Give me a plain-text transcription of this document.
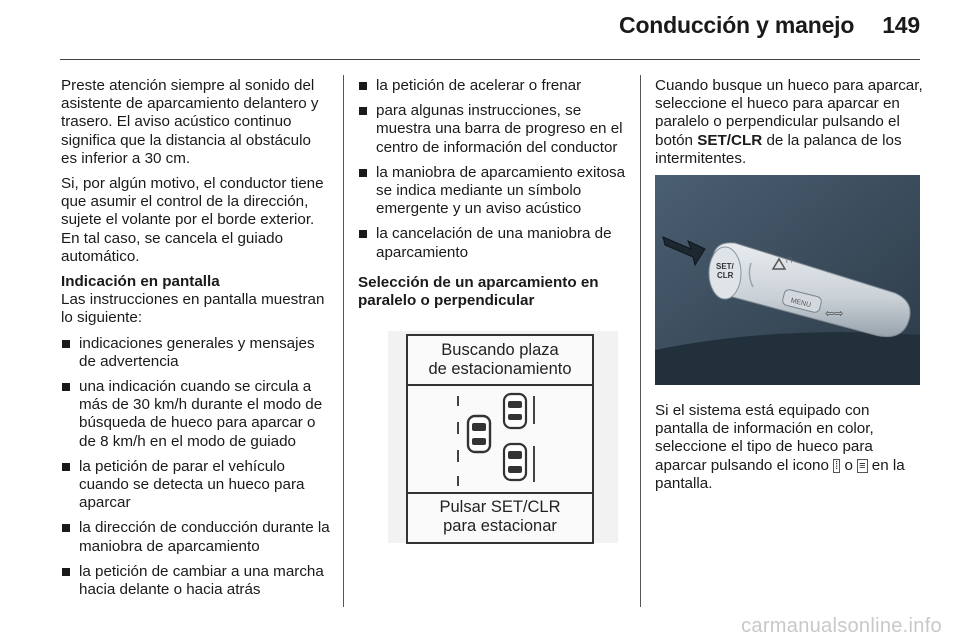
Conducción y manejo 149

Preste atención siempre al sonido del asistente de aparcamiento delantero y trasero. El aviso acústico continuo significa que la distancia al obstáculo es inferior a 30 cm.

Si, por algún motivo, el conductor tiene que asumir el control de la dirección, sujete el volante por el borde exterior. En tal caso, se cancela el guiado automático.

Indicación en pantalla

Las instrucciones en pantalla muestran lo siguiente:

indicaciones generales y mensajes de advertencia
una indicación cuando se circula a más de 30 km/h durante el modo de búsqueda de hueco para aparcar o de 8 km/h en el modo de guiado
la petición de parar el vehículo cuando se detecta un hueco para aparcar
la dirección de conducción durante la maniobra de aparcamiento
la petición de cambiar a una marcha hacia delante o hacia atrás
la petición de acelerar o frenar
para algunas instrucciones, se muestra una barra de progreso en el centro de información del conductor
la maniobra de aparcamiento exitosa se indica mediante un símbolo emergente y un aviso acústico
la cancelación de una maniobra de aparcamiento

Selección de un aparcamiento en paralelo o perpendicular

Buscando plaza
de estacionamiento
Pulsar SET/CLR
para estacionar

Cuando busque un hueco para aparcar, seleccione el hueco para aparcar en paralelo o perpendicular pulsando el botón SET/CLR de la palanca de los intermitentes.

SET/
CLR
∩
MENU
⇦⇨

Si el sistema está equipado con pantalla de información en color, seleccione el tipo de hueco para aparcar pulsando el icono ⁞ o ≡ en la pantalla.

carmanualsonline.info
